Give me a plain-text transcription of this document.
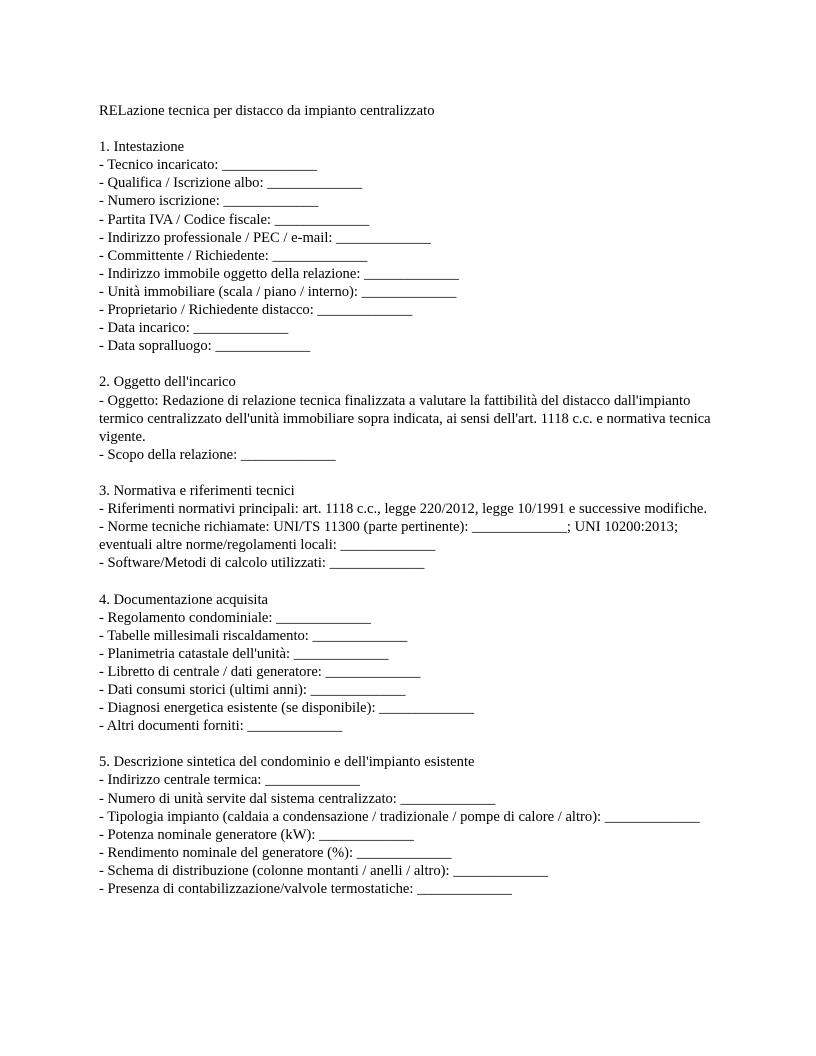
RELazione tecnica per distacco da impianto centralizzato
1. Intestazione
- Tecnico incaricato: _____________
- Qualifica / Iscrizione albo: _____________
- Numero iscrizione: _____________
- Partita IVA / Codice fiscale: _____________
- Indirizzo professionale / PEC / e-mail: _____________
- Committente / Richiedente: _____________
- Indirizzo immobile oggetto della relazione: _____________
- Unità immobiliare (scala / piano / interno): _____________
- Proprietario / Richiedente distacco: _____________
- Data incarico: _____________
- Data sopralluogo: _____________
2. Oggetto dell'incarico
- Oggetto: Redazione di relazione tecnica finalizzata a valutare la fattibilità del distacco dall'impianto termico centralizzato dell'unità immobiliare sopra indicata, ai sensi dell'art. 1118 c.c. e normativa tecnica vigente.
- Scopo della relazione: _____________
3. Normativa e riferimenti tecnici
- Riferimenti normativi principali: art. 1118 c.c., legge 220/2012, legge 10/1991 e successive modifiche.
- Norme tecniche richiamate: UNI/TS 11300 (parte pertinente): _____________; UNI 10200:2013; eventuali altre norme/regolamenti locali: _____________
- Software/Metodi di calcolo utilizzati: _____________
4. Documentazione acquisita
- Regolamento condominiale: _____________
- Tabelle millesimali riscaldamento: _____________
- Planimetria catastale dell'unità: _____________
- Libretto di centrale / dati generatore: _____________
- Dati consumi storici (ultimi anni): _____________
- Diagnosi energetica esistente (se disponibile): _____________
- Altri documenti forniti: _____________
5. Descrizione sintetica del condominio e dell'impianto esistente
- Indirizzo centrale termica: _____________
- Numero di unità servite dal sistema centralizzato: _____________
- Tipologia impianto (caldaia a condensazione / tradizionale / pompe di calore / altro): _____________
- Potenza nominale generatore (kW): _____________
- Rendimento nominale del generatore (%): _____________
- Schema di distribuzione (colonne montanti / anelli / altro): _____________
- Presenza di contabilizzazione/valvole termostatiche: _____________
